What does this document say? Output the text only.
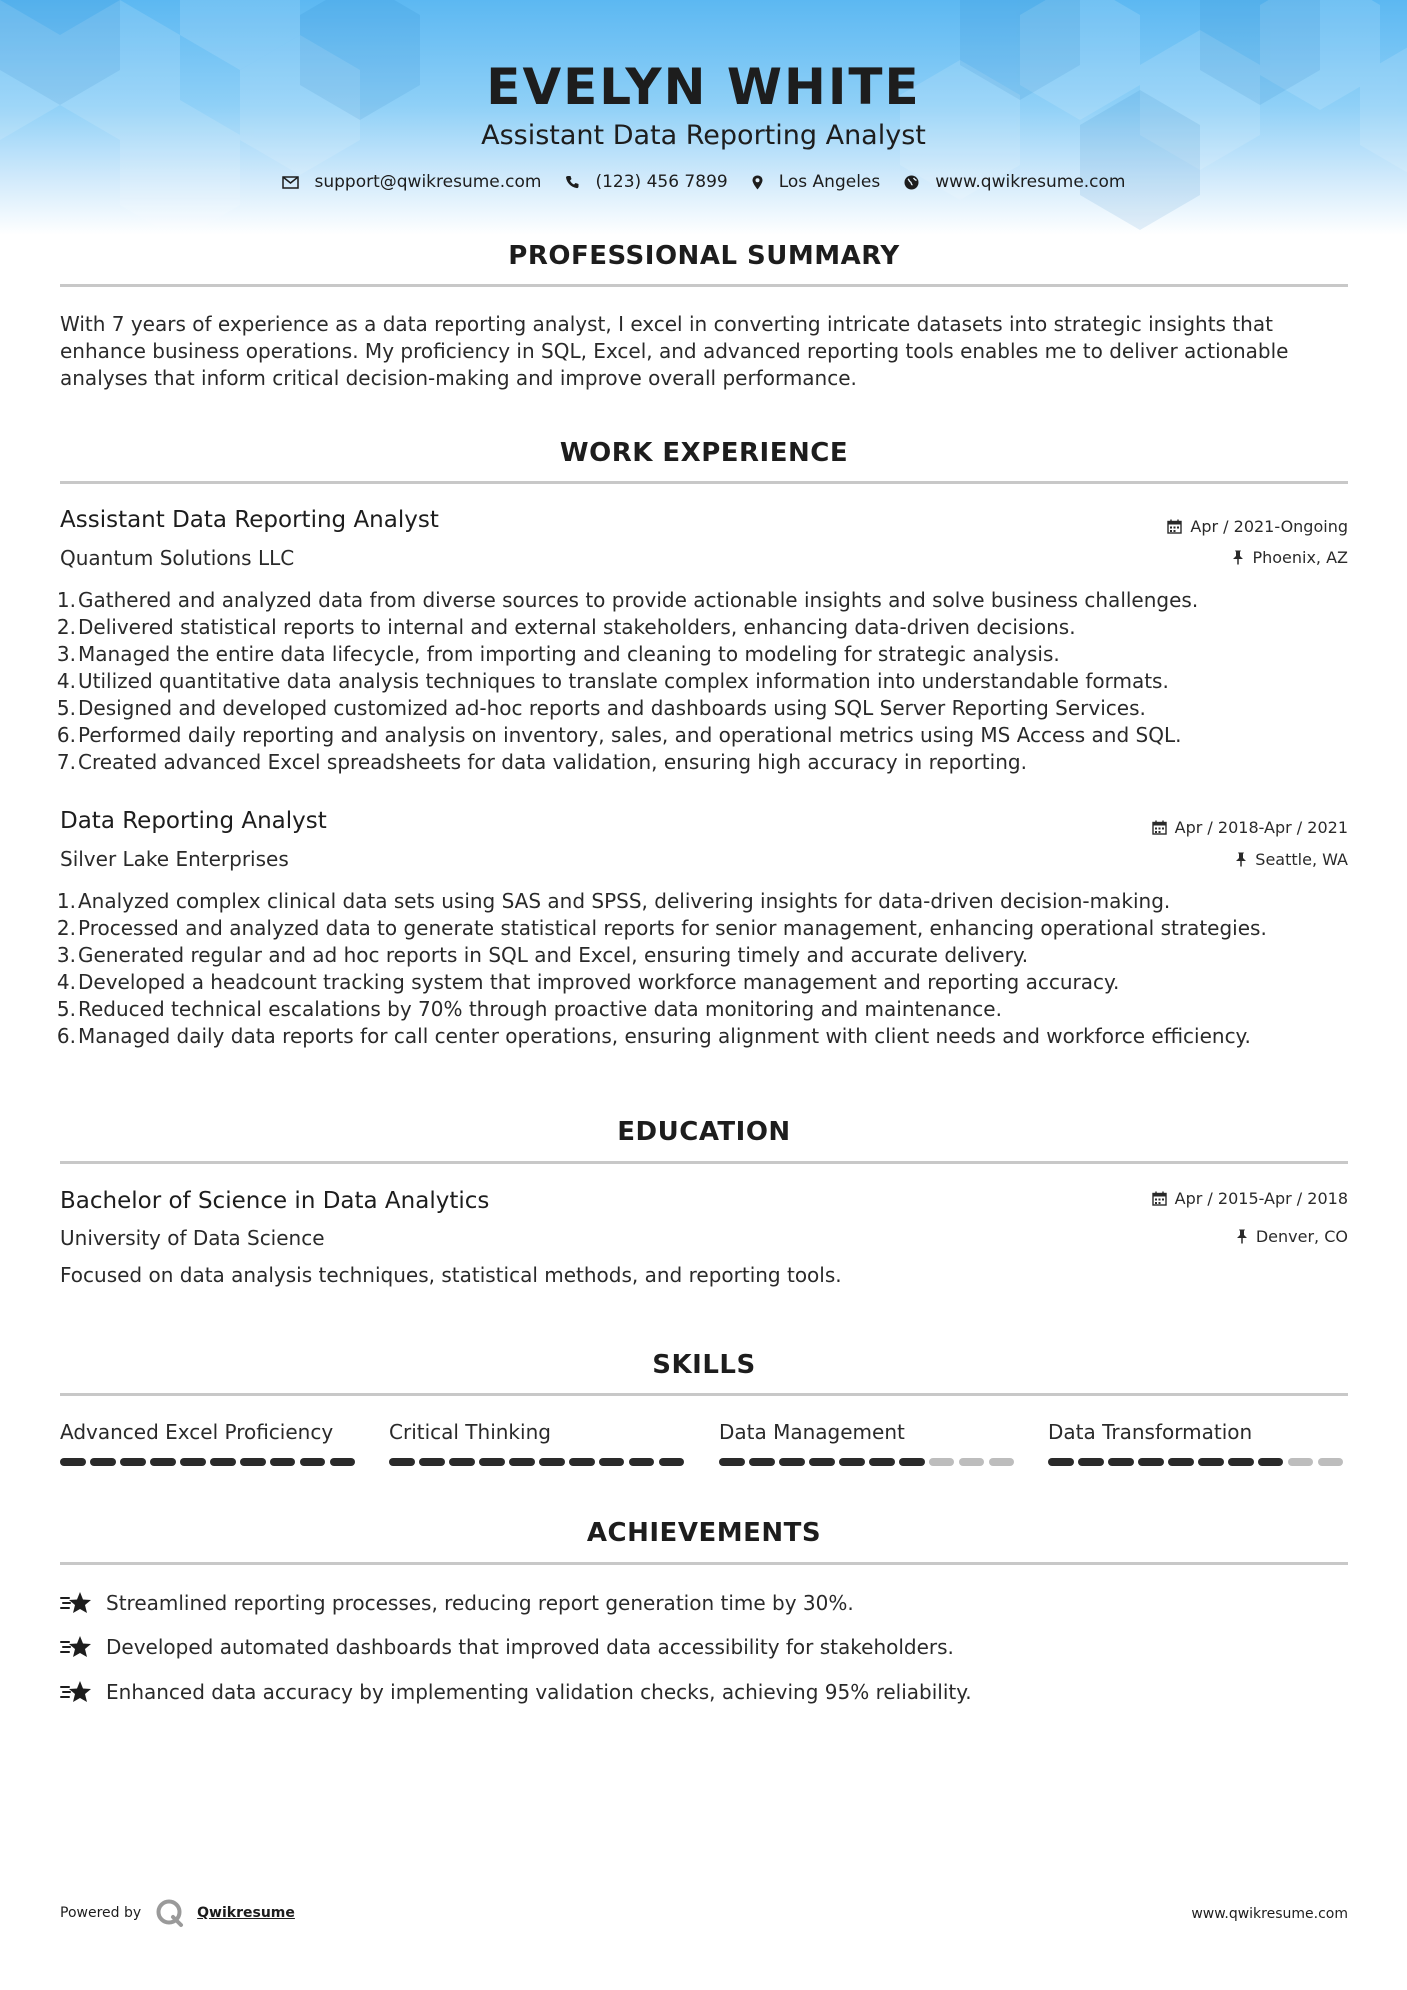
EVELYN WHITE
Assistant Data Reporting Analyst
support@qwikresume.com	(123) 456 7899	Los Angeles	www.qwikresume.com
PROFESSIONAL SUMMARY
With 7 years of experience as a data reporting analyst, I excel in converting intricate datasets into strategic insights that enhance business operations. My proficiency in SQL, Excel, and advanced reporting tools enables me to deliver actionable analyses that inform critical decision-making and improve overall performance.
WORK EXPERIENCE
Assistant Data Reporting Analyst	Apr / 2021-Ongoing
Quantum Solutions LLC	Phoenix, AZ
1. Gathered and analyzed data from diverse sources to provide actionable insights and solve business challenges.
2. Delivered statistical reports to internal and external stakeholders, enhancing data-driven decisions.
3. Managed the entire data lifecycle, from importing and cleaning to modeling for strategic analysis.
4. Utilized quantitative data analysis techniques to translate complex information into understandable formats.
5. Designed and developed customized ad-hoc reports and dashboards using SQL Server Reporting Services.
6. Performed daily reporting and analysis on inventory, sales, and operational metrics using MS Access and SQL.
7. Created advanced Excel spreadsheets for data validation, ensuring high accuracy in reporting.
Data Reporting Analyst	Apr / 2018-Apr / 2021
Silver Lake Enterprises	Seattle, WA
1. Analyzed complex clinical data sets using SAS and SPSS, delivering insights for data-driven decision-making.
2. Processed and analyzed data to generate statistical reports for senior management, enhancing operational strategies.
3. Generated regular and ad hoc reports in SQL and Excel, ensuring timely and accurate delivery.
4. Developed a headcount tracking system that improved workforce management and reporting accuracy.
5. Reduced technical escalations by 70% through proactive data monitoring and maintenance.
6. Managed daily data reports for call center operations, ensuring alignment with client needs and workforce efficiency.
EDUCATION
Bachelor of Science in Data Analytics	Apr / 2015-Apr / 2018
University of Data Science	Denver, CO
Focused on data analysis techniques, statistical methods, and reporting tools.
SKILLS
Advanced Excel Proficiency	Critical Thinking	Data Management	Data Transformation
ACHIEVEMENTS
Streamlined reporting processes, reducing report generation time by 30%.
Developed automated dashboards that improved data accessibility for stakeholders.
Enhanced data accuracy by implementing validation checks, achieving 95% reliability.
Powered by	Qwikresume	www.qwikresume.com
